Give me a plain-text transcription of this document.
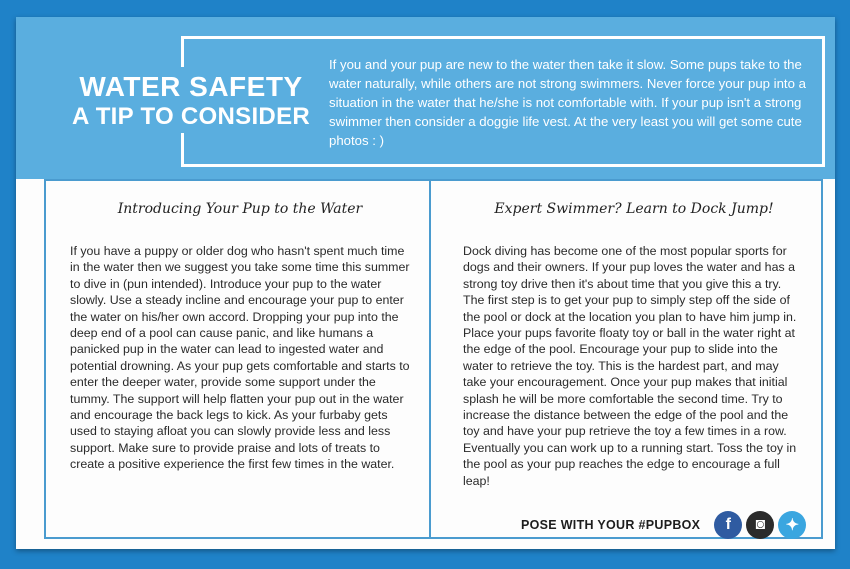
WATER SAFETY
A TIP TO CONSIDER
If you and your pup are new to the water then take it slow. Some pups take to the water naturally, while others are not strong swimmers. Never force your pup into a situation in the water that he/she is not comfortable with. If your pup isn't a strong swimmer then consider a doggie life vest. At the very least you will get some cute photos : )
Introducing Your Pup to the Water
If you have a puppy or older dog who hasn't spent much time in the water then we suggest you take some time this summer to dive in (pun intended). Introduce your pup to the water slowly. Use a steady incline and encourage your pup to enter the water on his/her own accord. Dropping your pup into the deep end of a pool can cause panic, and like humans a panicked pup in the water can lead to ingested water and potential drowning. As your pup gets comfortable and starts to enter the deeper water, provide some support under the tummy. The support will help flatten your pup out in the water and encourage the back legs to kick. As your furbaby gets used to staying afloat you can slowly provide less and less support. Make sure to provide praise and lots of treats to create a positive experience the first few times in the water.
Expert Swimmer? Learn to Dock Jump!
Dock diving has become one of the most popular sports for dogs and their owners. If your pup loves the water and has a strong toy drive then it's about time that you give this a try. The first step is to get your pup to simply step off the side of the pool or dock at the location you plan to have him jump in. Place your pups favorite floaty toy or ball in the water right at the edge of the pool. Encourage your pup to slide into the water to retrieve the toy. This is the hardest part, and may take your encouragement. Once your pup makes that initial splash he will be more comfortable the second time. Try to increase the distance between the edge of the pool and the toy and have your pup retrieve the toy a few times in a row. Eventually you can work up to a running start. Toss the toy in the pool as your pup reaches the edge to encourage a full leap!
POSE WITH YOUR #PUPBOX	f	◙	✦
